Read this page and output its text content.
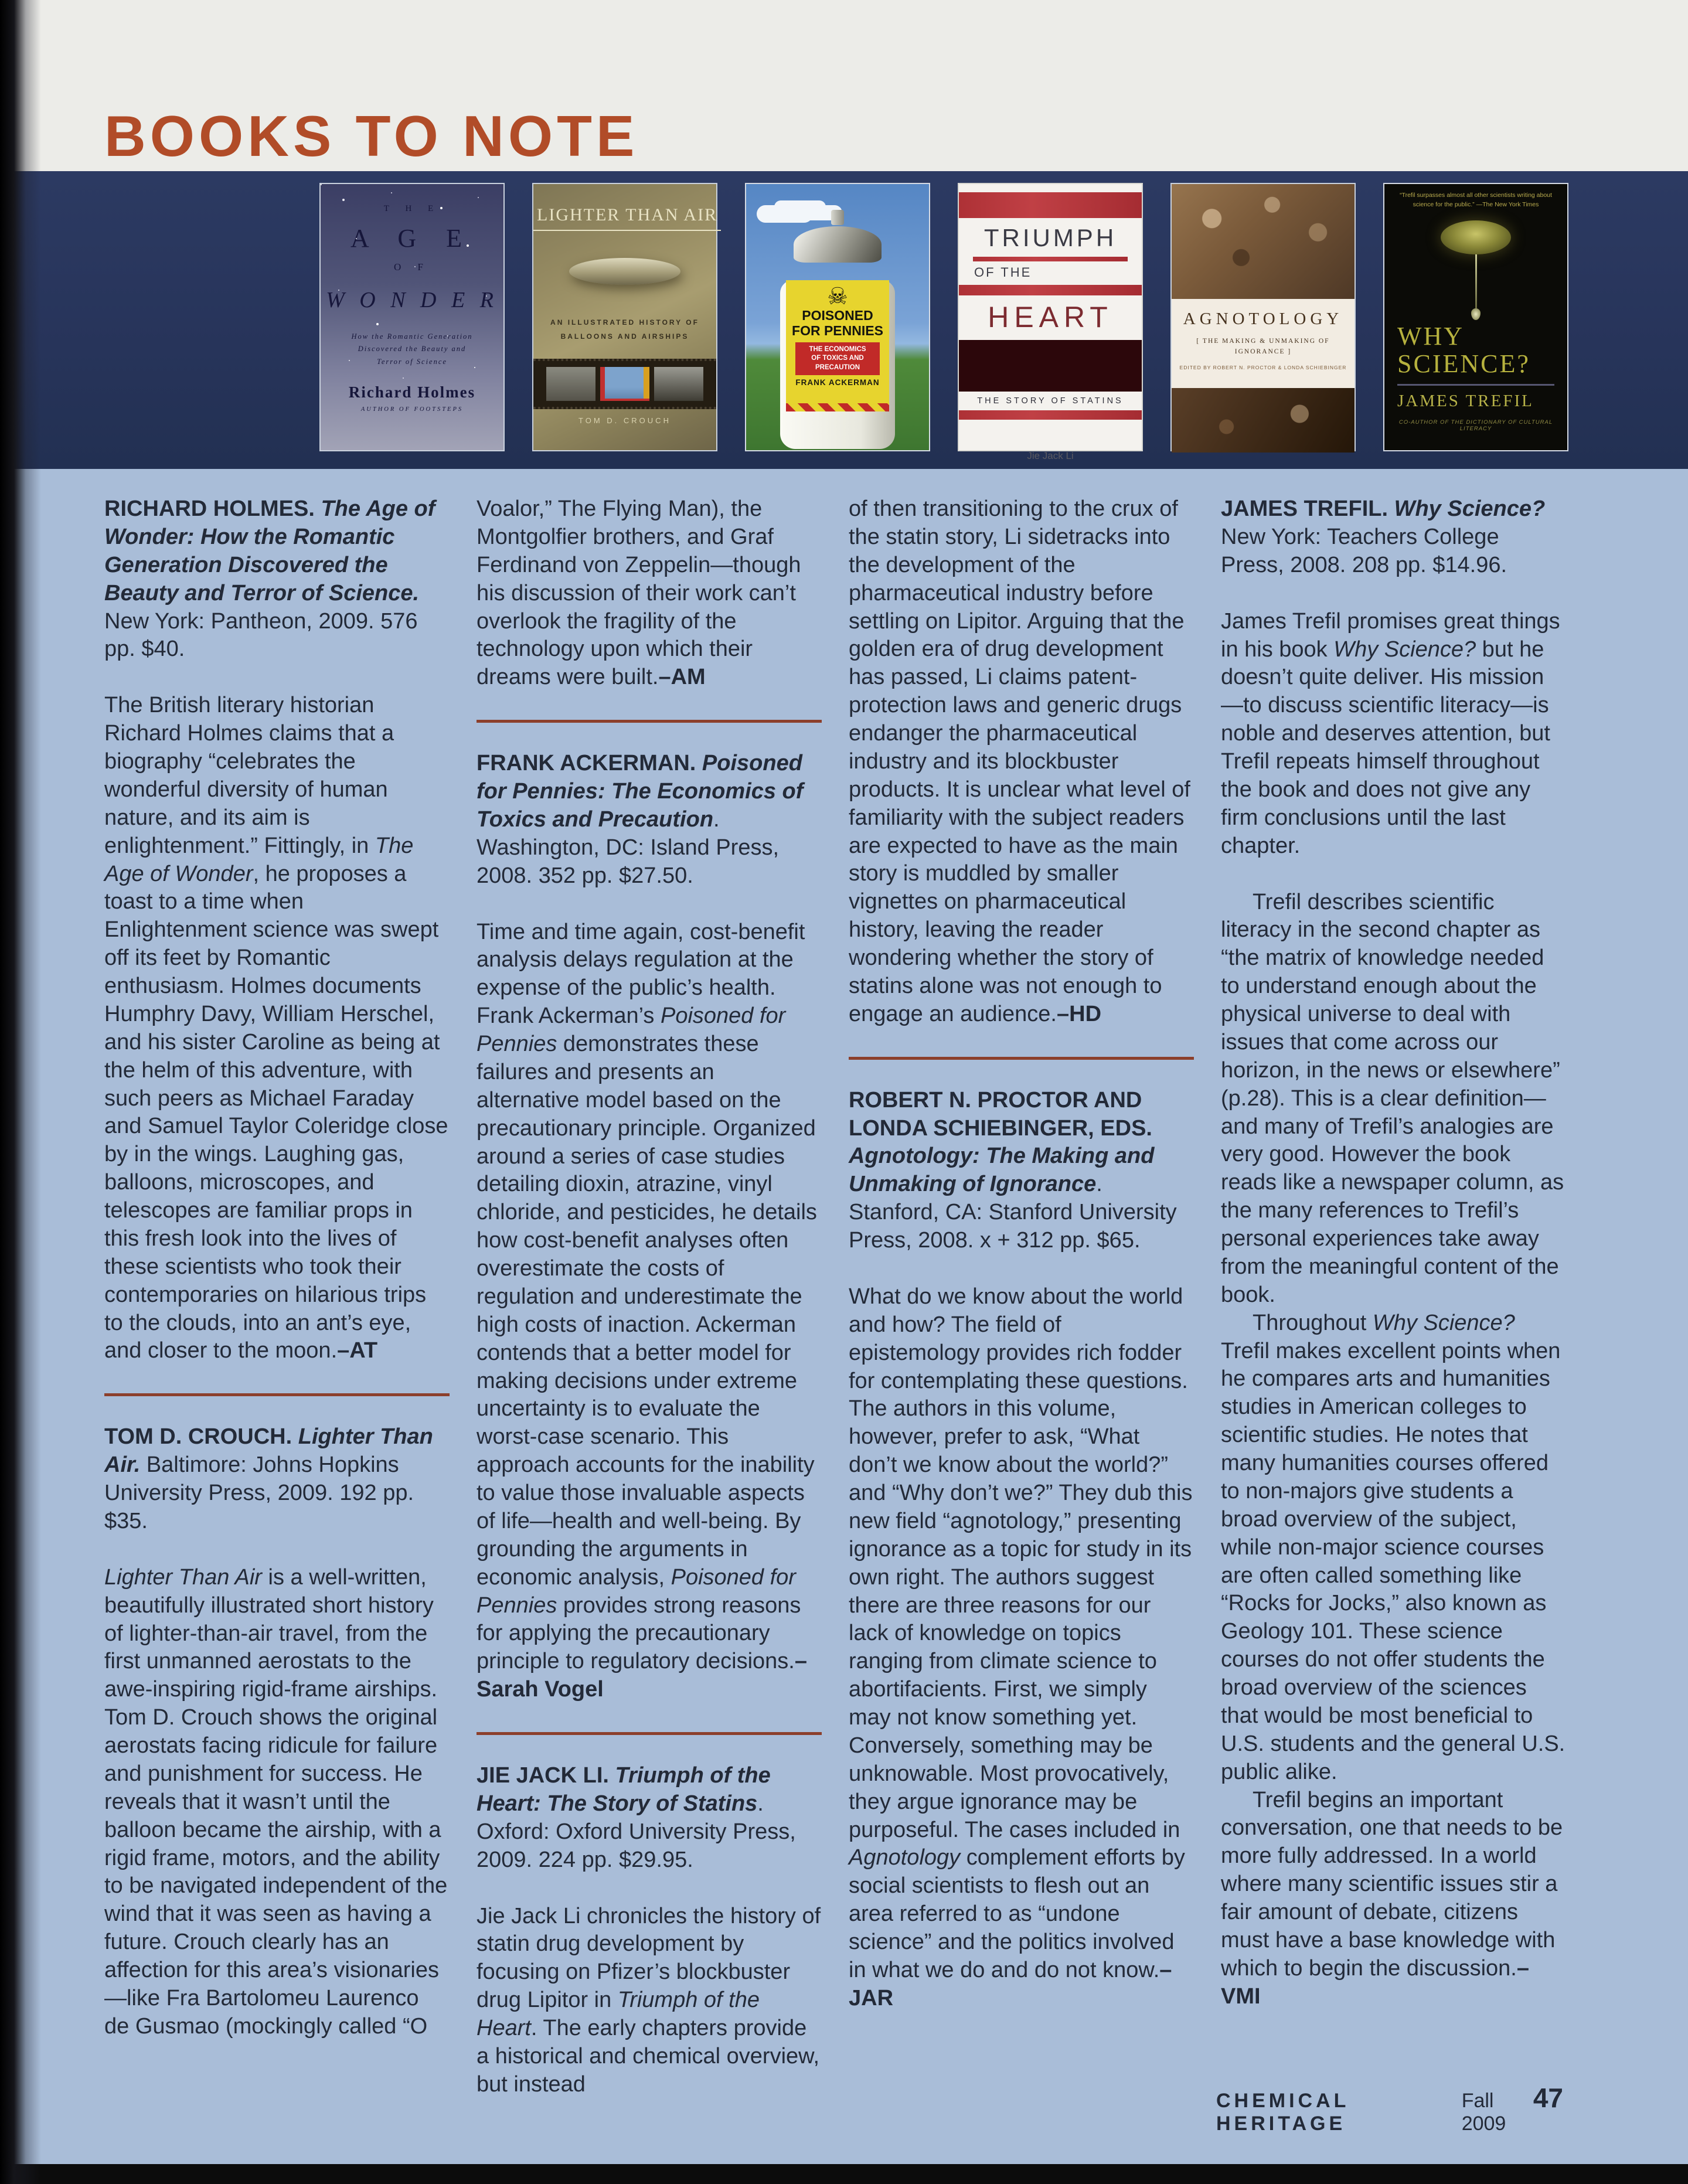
BOOKS TO NOTE
T H E
A G E
O F
W O N D E R
How the Romantic Generation
Discovered the Beauty and
Terror of Science
Richard Holmes
AUTHOR OF FOOTSTEPS
LIGHTER THAN AIR
AN ILLUSTRATED HISTORY OF
BALLOONS AND AIRSHIPS
TOM D. CROUCH
☠
POISONED
FOR PENNIES
THE ECONOMICS
OF TOXICS AND
PRECAUTION
FRANK ACKERMAN
TRIUMPH
OF THE
HEART
THE STORY OF STATINS
Jie Jack Li
AGNOTOLOGY
[ THE MAKING & UNMAKING OF
IGNORANCE ]
EDITED BY ROBERT N. PROCTOR & LONDA SCHIEBINGER
“Trefil surpasses almost all other scientists writing about science for the public.” —The New York Times
WHY
SCIENCE?
JAMES TREFIL
CO-AUTHOR OF THE DICTIONARY OF CULTURAL LITERACY

RICHARD HOLMES. The Age of Wonder: How the Romantic Generation Discovered the Beauty and Terror of Science. New York: Pantheon, 2009. 576 pp. $40.

The British literary historian Richard Holmes claims that a biography “celebrates the wonderful diversity of human nature, and its aim is enlightenment.” Fittingly, in The Age of Wonder, he proposes a toast to a time when Enlightenment science was swept off its feet by Romantic enthusiasm. Holmes documents Humphry Davy, William Herschel, and his sister Caroline as being at the helm of this adventure, with such peers as Michael Faraday and Samuel Taylor Coleridge close by in the wings. Laughing gas, balloons, microscopes, and telescopes are familiar props in this fresh look into the lives of these scientists who took their contemporaries on hilarious trips to the clouds, into an ant’s eye, and closer to the moon.–AT

TOM D. CROUCH. Lighter Than Air. Baltimore: Johns Hopkins University Press, 2009. 192 pp. $35.

Lighter Than Air is a well-written, beautifully illustrated short history of lighter-than-air travel, from the first unmanned aerostats to the awe-inspiring rigid-frame airships. Tom D. Crouch shows the original aerostats facing ridicule for failure and punishment for success. He reveals that it wasn’t until the balloon became the airship, with a rigid frame, motors, and the ability to be navigated independent of the wind that it was seen as having a future. Crouch clearly has an affection for this area’s visionaries—like Fra Bartolomeu Laurenco de Gusmao (mockingly called “O

Voalor,” The Flying Man), the Montgolfier brothers, and Graf Ferdinand von Zeppelin—though his discussion of their work can’t overlook the fragility of the technology upon which their dreams were built.–AM

FRANK ACKERMAN. Poisoned for Pennies: The Economics of Toxics and Precaution. Washington, DC: Island Press, 2008. 352 pp. $27.50.

Time and time again, cost-benefit analysis delays regulation at the expense of the public’s health. Frank Ackerman’s Poisoned for Pennies demonstrates these failures and presents an alternative model based on the precautionary principle. Organized around a series of case studies detailing dioxin, atrazine, vinyl chloride, and pesticides, he details how cost-benefit analyses often overestimate the costs of regulation and underestimate the high costs of inaction. Ackerman contends that a better model for making decisions under extreme uncertainty is to evaluate the worst-case scenario. This approach accounts for the inability to value those invaluable aspects of life—health and well-being. By grounding the arguments in economic analysis, Poisoned for Pennies provides strong reasons for applying the precautionary principle to regulatory decisions.–Sarah Vogel

JIE JACK LI. Triumph of the Heart: The Story of Statins. Oxford: Oxford University Press, 2009. 224 pp. $29.95.

Jie Jack Li chronicles the history of statin drug development by focusing on Pfizer’s blockbuster drug Lipitor in Triumph of the Heart. The early chapters provide a historical and chemical overview, but instead

of then transitioning to the crux of the statin story, Li sidetracks into the development of the pharmaceutical industry before settling on Lipitor. Arguing that the golden era of drug development has passed, Li claims patent-protection laws and generic drugs endanger the pharmaceutical industry and its blockbuster products. It is unclear what level of familiarity with the subject readers are expected to have as the main story is muddled by smaller vignettes on pharmaceutical history, leaving the reader wondering whether the story of statins alone was not enough to engage an audience.–HD

ROBERT N. PROCTOR AND LONDA SCHIEBINGER, EDS. Agnotology: The Making and Unmaking of Ignorance. Stanford, CA: Stanford University Press, 2008. x + 312 pp. $65.

What do we know about the world and how? The field of epistemology provides rich fodder for contemplating these questions. The authors in this volume, however, prefer to ask, “What don’t we know about the world?” and “Why don’t we?” They dub this new field “agnotology,” presenting ignorance as a topic for study in its own right. The authors suggest there are three reasons for our lack of knowledge on topics ranging from climate science to abortifacients. First, we simply may not know something yet. Conversely, something may be unknowable. Most provocatively, they argue ignorance may be purposeful. The cases included in Agnotology complement efforts by social scientists to flesh out an area referred to as “undone science” and the politics involved in what we do and do not know.–JAR

JAMES TREFIL. Why Science? New York: Teachers College Press, 2008. 208 pp. $14.96.

James Trefil promises great things in his book Why Science? but he doesn’t quite deliver. His mission—to discuss scientific literacy—is noble and deserves attention, but Trefil repeats himself throughout the book and does not give any firm conclusions until the last chapter.

Trefil describes scientific literacy in the second chapter as “the matrix of knowledge needed to understand enough about the physical universe to deal with issues that come across our horizon, in the news or elsewhere” (p.28). This is a clear definition—and many of Trefil’s analogies are very good. However the book reads like a newspaper column, as the many references to Trefil’s personal experiences take away from the meaningful content of the book.

Throughout Why Science? Trefil makes excellent points when he compares arts and humanities studies in American colleges to scientific studies. He notes that many humanities courses offered to non-majors give students a broad overview of the subject, while non-major science courses are often called something like “Rocks for Jocks,” also known as Geology 101. These science courses do not offer students the broad overview of the sciences that would be most beneficial to U.S. students and the general U.S. public alike.

Trefil begins an important conversation, one that needs to be more fully addressed. In a world where many scientific issues stir a fair amount of debate, citizens must have a base knowledge with which to begin the discussion.–VMI

CHEMICAL HERITAGE
Fall 2009
47
